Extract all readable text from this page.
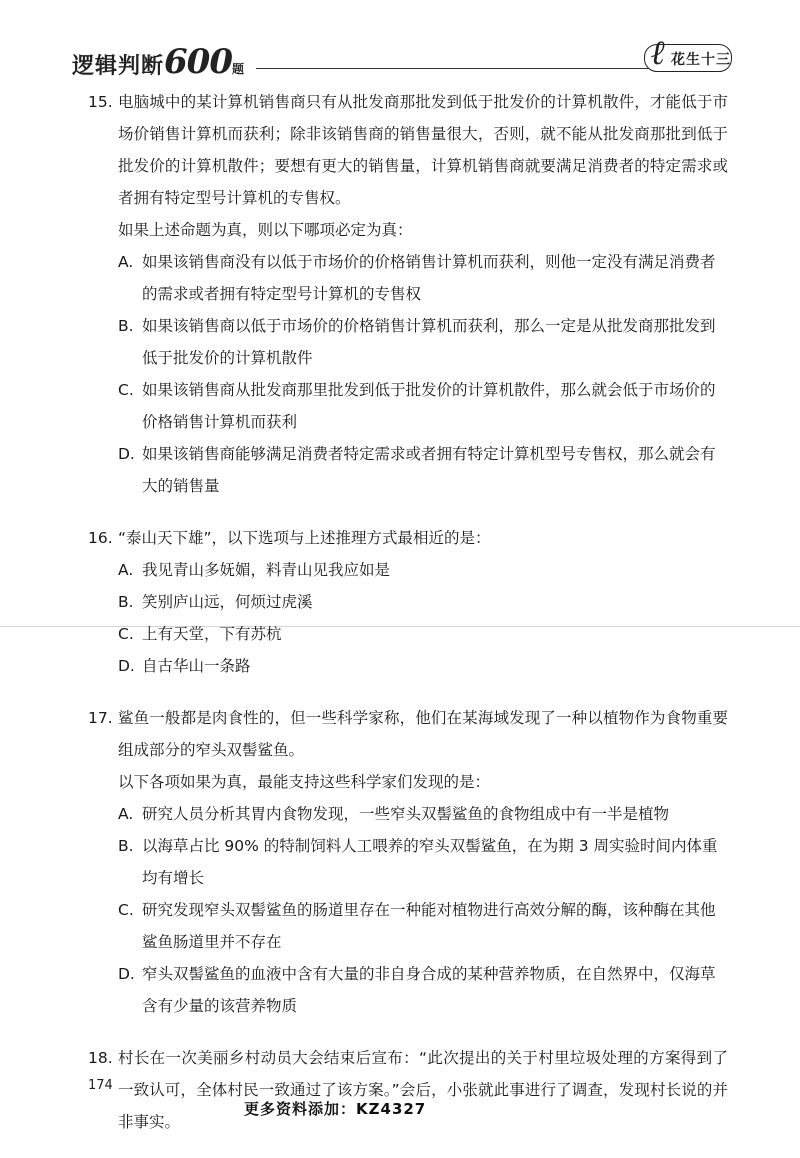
逻辑判断600题	ℓ 花生十三
15. 电脑城中的某计算机销售商只有从批发商那批发到低于批发价的计算机散件，才能低于市场价销售计算机而获利；除非该销售商的销售量很大，否则，就不能从批发商那批到低于批发价的计算机散件；要想有更大的销售量，计算机销售商就要满足消费者的特定需求或者拥有特定型号计算机的专售权。
如果上述命题为真，则以下哪项必定为真：
A. 如果该销售商没有以低于市场价的价格销售计算机而获利，则他一定没有满足消费者的需求或者拥有特定型号计算机的专售权
B. 如果该销售商以低于市场价的价格销售计算机而获利，那么一定是从批发商那批发到低于批发价的计算机散件
C. 如果该销售商从批发商那里批发到低于批发价的计算机散件，那么就会低于市场价的价格销售计算机而获利
D. 如果该销售商能够满足消费者特定需求或者拥有特定计算机型号专售权，那么就会有大的销售量
16. “泰山天下雄”，以下选项与上述推理方式最相近的是：
A. 我见青山多妩媚，料青山见我应如是
B. 笑别庐山远，何烦过虎溪
C. 上有天堂，下有苏杭
D. 自古华山一条路
17. 鲨鱼一般都是肉食性的，但一些科学家称，他们在某海域发现了一种以植物作为食物重要组成部分的窄头双髻鲨鱼。
以下各项如果为真，最能支持这些科学家们发现的是：
A. 研究人员分析其胃内食物发现，一些窄头双髻鲨鱼的食物组成中有一半是植物
B. 以海草占比 90% 的特制饲料人工喂养的窄头双髻鲨鱼，在为期 3 周实验时间内体重均有增长
C. 研究发现窄头双髻鲨鱼的肠道里存在一种能对植物进行高效分解的酶，该种酶在其他鲨鱼肠道里并不存在
D. 窄头双髻鲨鱼的血液中含有大量的非自身合成的某种营养物质，在自然界中，仅海草含有少量的该营养物质
18. 村长在一次美丽乡村动员大会结束后宣布：“此次提出的关于村里垃圾处理的方案得到了一致认可，全体村民一致通过了该方案。”会后，小张就此事进行了调查，发现村长说的并非事实。
174
更多资料添加：KZ4327
